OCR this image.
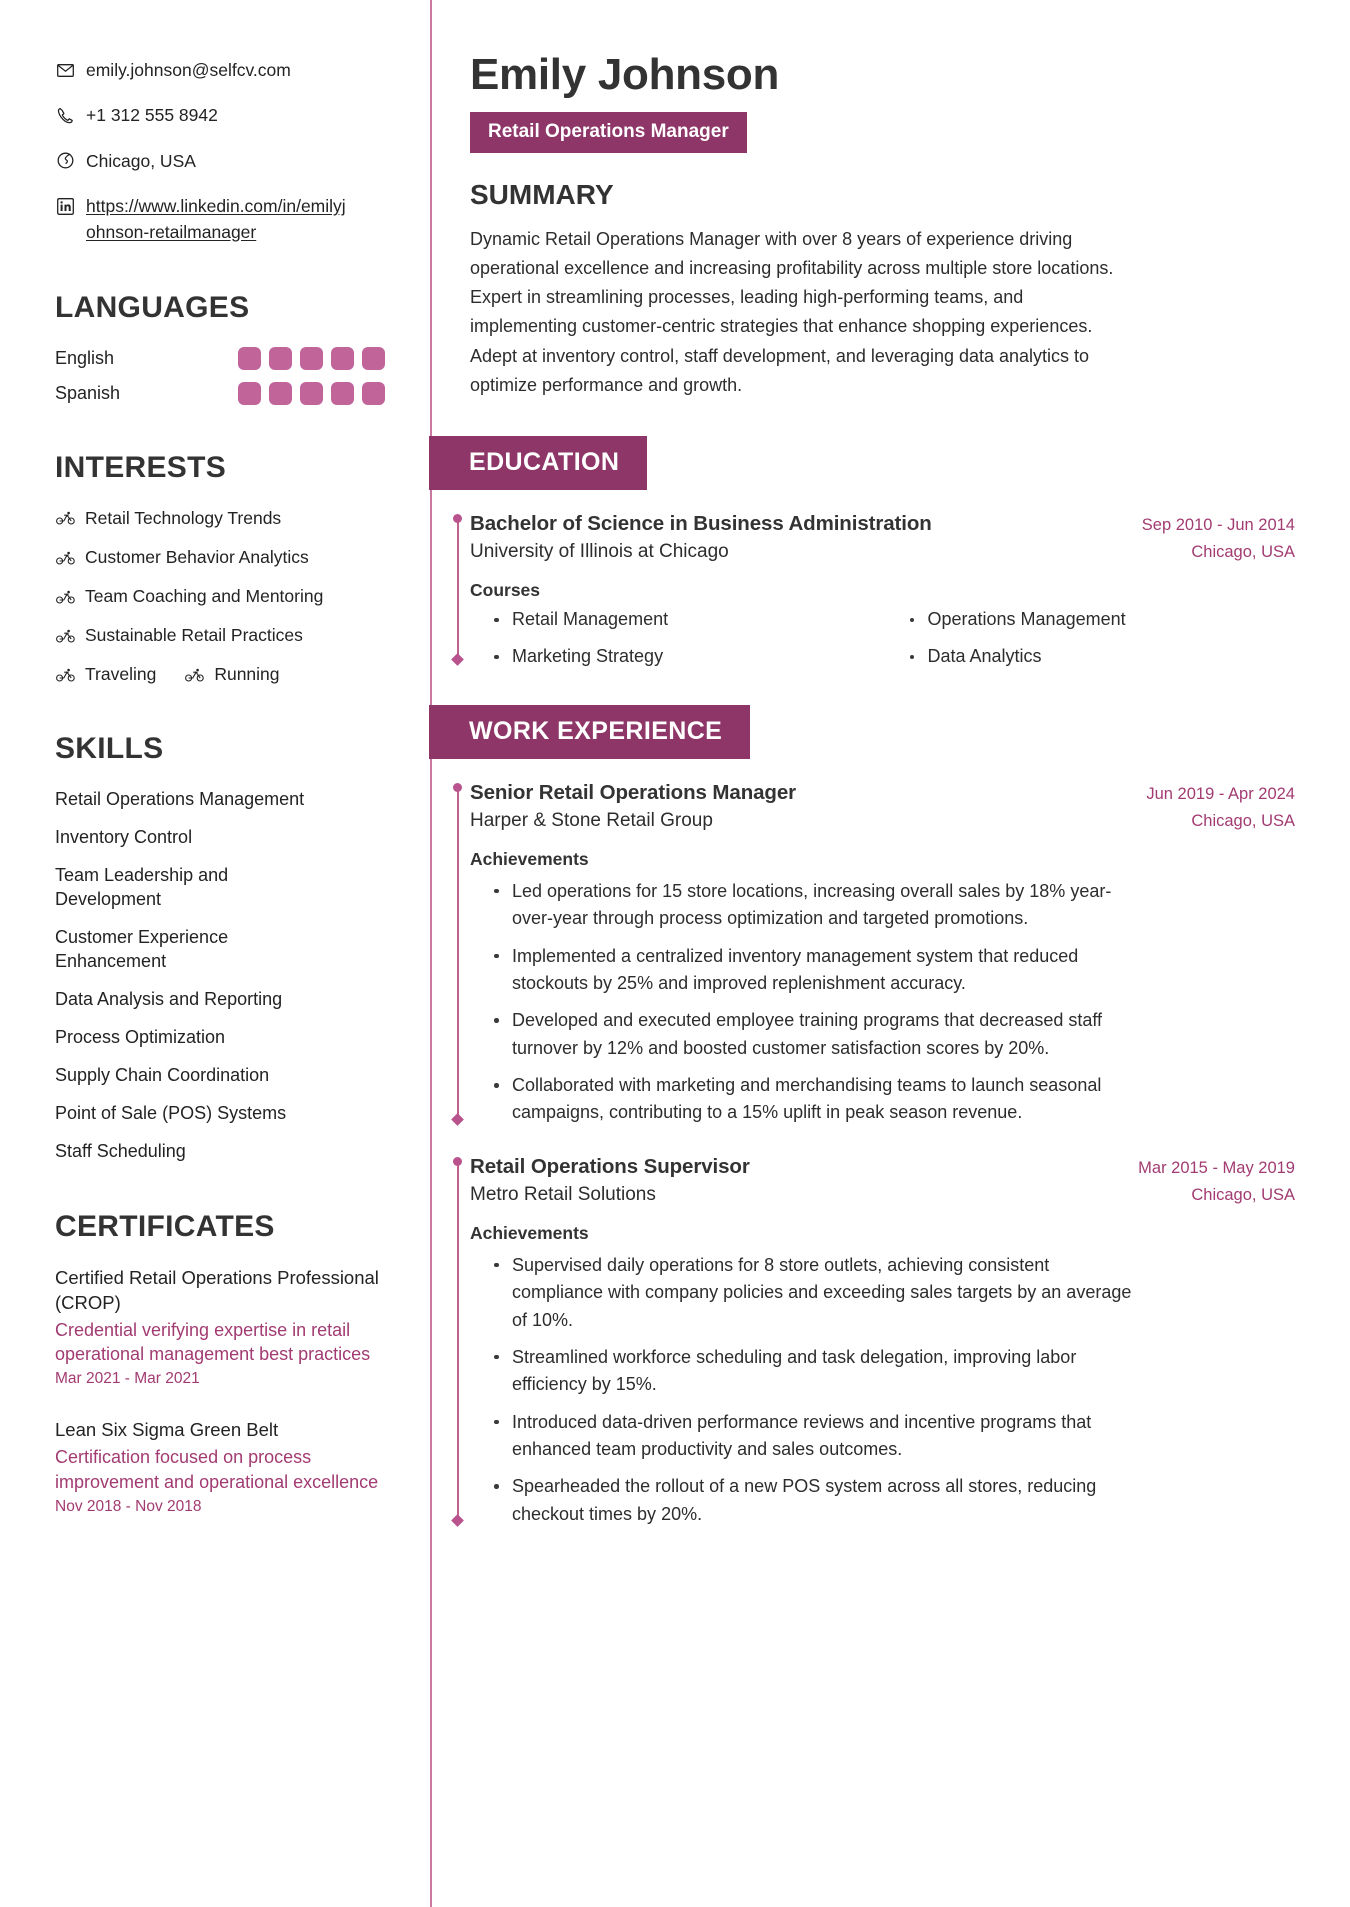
emily.johnson@selfcv.com
+1 312 555 8942
Chicago, USA
https://www.linkedin.com/in/emilyjohnson-retailmanager
LANGUAGES
English
Spanish
INTERESTS
Retail Technology Trends
Customer Behavior Analytics
Team Coaching and Mentoring
Sustainable Retail Practices
Traveling	Running
SKILLS
Retail Operations Management
Inventory Control
Team Leadership and Development
Customer Experience Enhancement
Data Analysis and Reporting
Process Optimization
Supply Chain Coordination
Point of Sale (POS) Systems
Staff Scheduling
CERTIFICATES
Certified Retail Operations Professional (CROP)
Credential verifying expertise in retail operational management best practices
Mar 2021 - Mar 2021
Lean Six Sigma Green Belt
Certification focused on process improvement and operational excellence
Nov 2018 - Nov 2018
Emily Johnson
Retail Operations Manager
SUMMARY

Dynamic Retail Operations Manager with over 8 years of experience driving operational excellence and increasing profitability across multiple store locations. Expert in streamlining processes, leading high-performing teams, and implementing customer-centric strategies that enhance shopping experiences. Adept at inventory control, staff development, and leveraging data analytics to optimize performance and growth.

EDUCATION
Bachelor of Science in Business Administration	Sep 2010 - Jun 2014
University of Illinois at Chicago	Chicago, USA
Courses
Retail Management	Operations Management
Marketing Strategy	Data Analytics
WORK EXPERIENCE
Senior Retail Operations Manager	Jun 2019 - Apr 2024
Harper & Stone Retail Group	Chicago, USA
Achievements
Led operations for 15 store locations, increasing overall sales by 18% year-over-year through process optimization and targeted promotions.
Implemented a centralized inventory management system that reduced stockouts by 25% and improved replenishment accuracy.
Developed and executed employee training programs that decreased staff turnover by 12% and boosted customer satisfaction scores by 20%.
Collaborated with marketing and merchandising teams to launch seasonal campaigns, contributing to a 15% uplift in peak season revenue.
Retail Operations Supervisor	Mar 2015 - May 2019
Metro Retail Solutions	Chicago, USA
Achievements
Supervised daily operations for 8 store outlets, achieving consistent compliance with company policies and exceeding sales targets by an average of 10%.
Streamlined workforce scheduling and task delegation, improving labor efficiency by 15%.
Introduced data-driven performance reviews and incentive programs that enhanced team productivity and sales outcomes.
Spearheaded the rollout of a new POS system across all stores, reducing checkout times by 20%.
